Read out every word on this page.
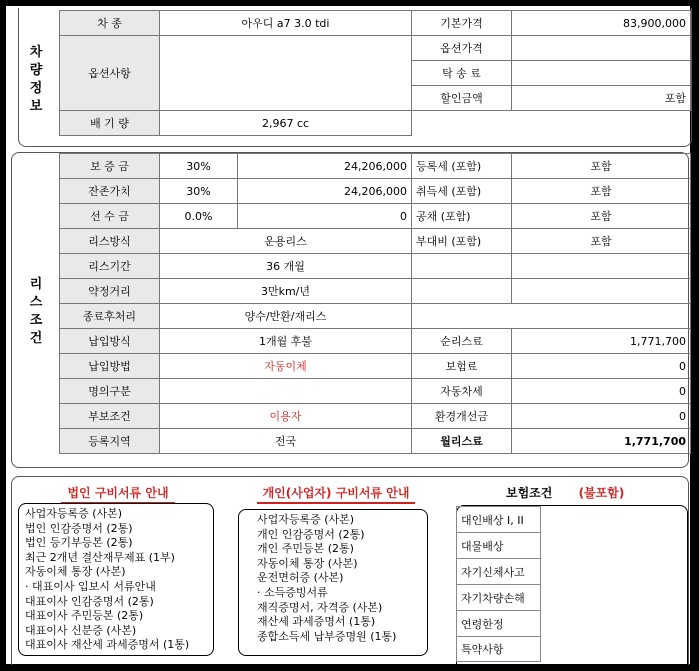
차
량
정
보
차 종	아우디 a7 3.0 tdi	기본가격	83,900,000
옵션사항		옵션가격	
		탁 송 료	
		할인금액	포함
배 기 량	2,967 cc		
리
스
조
건
보 증 금	30%	24,206,000	등록세 (포함)	포함
잔존가치	30%	24,206,000	취득세 (포함)	포함
선 수 금	0.0%	0	공채 (포함)	포함
리스방식	운용리스		부대비 (포함)	포함
리스기간	36 개월			
약정거리	3만km/년			
종료후처리	양수/반환/재리스			
납입방식	1개월 후불		순리스료	1,771,700
납입방법	자동이체		보험료	0
명의구분			자동차세	0
부보조건	이용자		환경개선금	0
등록지역	전국		월리스료	1,771,700
법인 구비서류 안내
사업자등록증 (사본)
법인 인감증명서 (2통)
법인 등기부등본 (2통)
최근 2개년 결산재무제표 (1부)
자동이체 통장 (사본)
· 대표이사 입보시 서류안내
대표이사 인감증명서 (2통)
대표이사 주민등본 (2통)
대표이사 신분증 (사본)
대표이사 재산세 과세증명서 (1통)
개인(사업자) 구비서류 안내
사업자등록증 (사본)
개인 인감증명서 (2통)
개인 주민등본 (2통)
자동이체 통장 (사본)
운전면허증 (사본)
· 소득증빙서류
재직증명서, 자격증 (사본)
재산세 과세증명서 (1통)
종합소득세 납부증명원 (1통)
보험조건 (불포함)
대인배상 I, II
대물배상
자기신체사고
자기차량손해
연령한정
특약사항
